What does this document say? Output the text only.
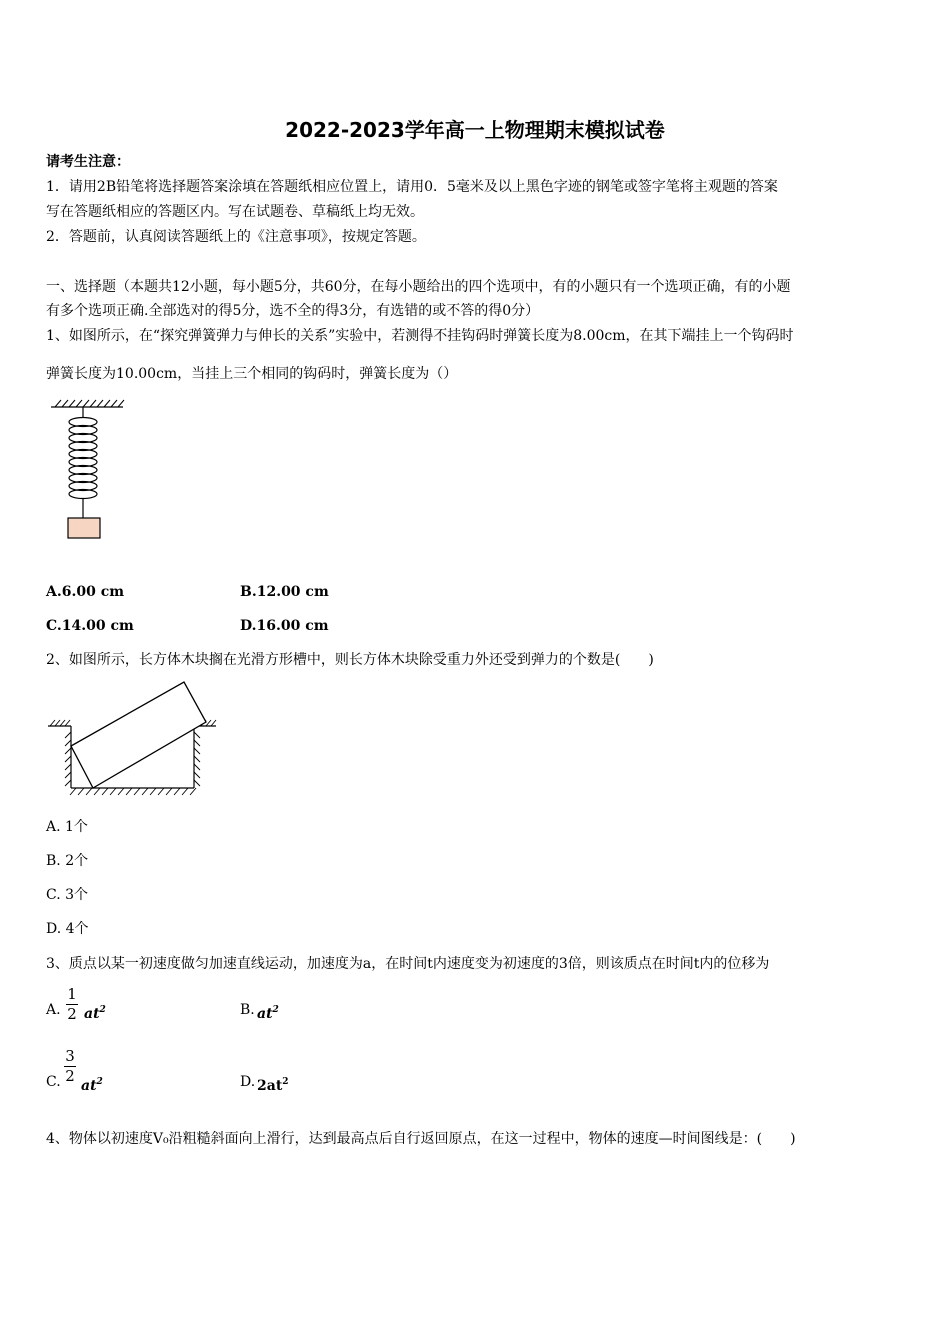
2022-2023学年高一上物理期末模拟试卷
请考生注意：
1．请用2B铅笔将选择题答案涂填在答题纸相应位置上，请用0．5毫米及以上黑色字迹的钢笔或签字笔将主观题的答案
写在答题纸相应的答题区内。写在试题卷、草稿纸上均无效。
2．答题前，认真阅读答题纸上的《注意事项》，按规定答题。
一、选择题（本题共12小题，每小题5分，共60分，在每小题给出的四个选项中，有的小题只有一个选项正确，有的小题
有多个选项正确.全部选对的得5分，选不全的得3分，有选错的或不答的得0分）
1、如图所示，在“探究弹簧弹力与伸长的关系”实验中，若测得不挂钩码时弹簧长度为8.00cm，在其下端挂上一个钩码时
弹簧长度为10.00cm，当挂上三个相同的钩码时，弹簧长度为（）
A.6.00 cm	B.12.00 cm
C.14.00 cm	D.16.00 cm
2、如图所示，长方体木块搁在光滑方形槽中，则长方体木块除受重力外还受到弹力的个数是(　　)
A. 1个
B. 2个
C. 3个
D. 4个
3、质点以某一初速度做匀加速直线运动，加速度为a，在时间t内速度变为初速度的3倍，则该质点在时间t内的位移为
A.
1
2 $at^2$	B. $at^2$
C.
3
2
$at^2$	D. $2at^2$
4、物体以初速度V₀沿粗糙斜面向上滑行，达到最高点后自行返回原点，在这一过程中，物体的速度—时间图线是：(　　)
